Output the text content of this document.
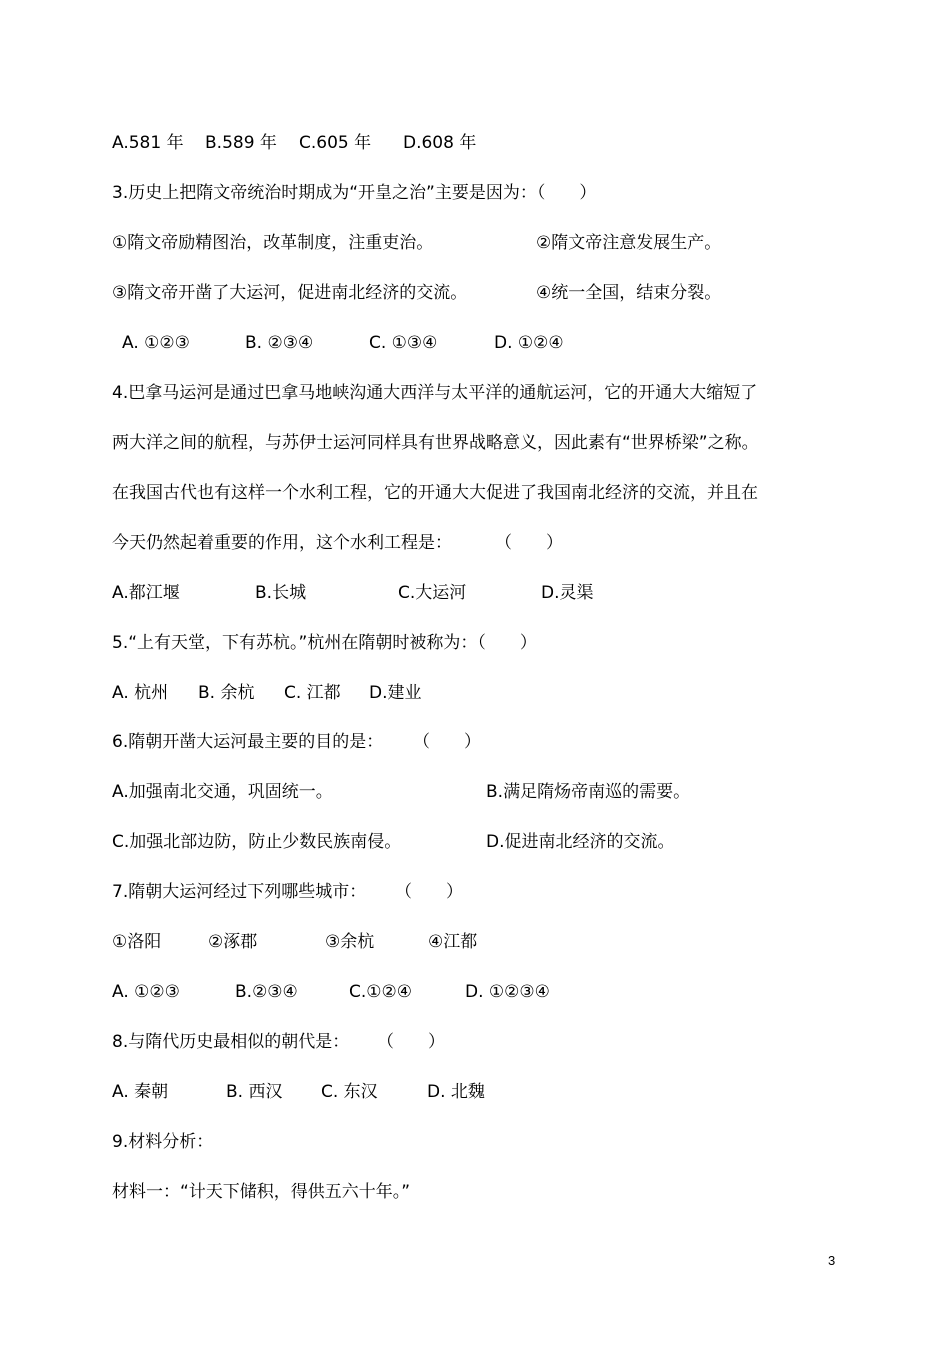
A.581 年 B.589 年 C.605 年 D.608 年
3.历史上把隋文帝统治时期成为“开皇之治”主要是因为：（　　）
①隋文帝励精图治，改革制度，注重吏治。	②隋文帝注意发展生产。
③隋文帝开凿了大运河，促进南北经济的交流。	④统一全国，结束分裂。
A. ①②③	B. ②③④	C. ①③④	D. ①②④
4.巴拿马运河是通过巴拿马地峡沟通大西洋与太平洋的通航运河，它的开通大大缩短了
两大洋之间的航程，与苏伊士运河同样具有世界战略意义，因此素有“世界桥梁”之称。
在我国古代也有这样一个水利工程，它的开通大大促进了我国南北经济的交流，并且在
今天仍然起着重要的作用，这个水利工程是：	（　　）
A.都江堰	B.长城	C.大运河	D.灵渠
5.“上有天堂，下有苏杭。”杭州在隋朝时被称为：（　　）
A. 杭州 B. 余杭 C. 江都 D.建业
6.隋朝开凿大运河最主要的目的是： （　　）
A.加强南北交通，巩固统一。	B.满足隋炀帝南巡的需要。
C.加强北部边防，防止少数民族南侵。	D.促进南北经济的交流。
7.隋朝大运河经过下列哪些城市： （　　）
①洛阳	②涿郡	③余杭	④江都
A. ①②③	B.②③④	C.①②④	D. ①②③④
8.与隋代历史最相似的朝代是： （　　）
A. 秦朝	B. 西汉 C. 东汉	D. 北魏
9.材料分析：
材料一：“计天下储积，得供五六十年。”
3
